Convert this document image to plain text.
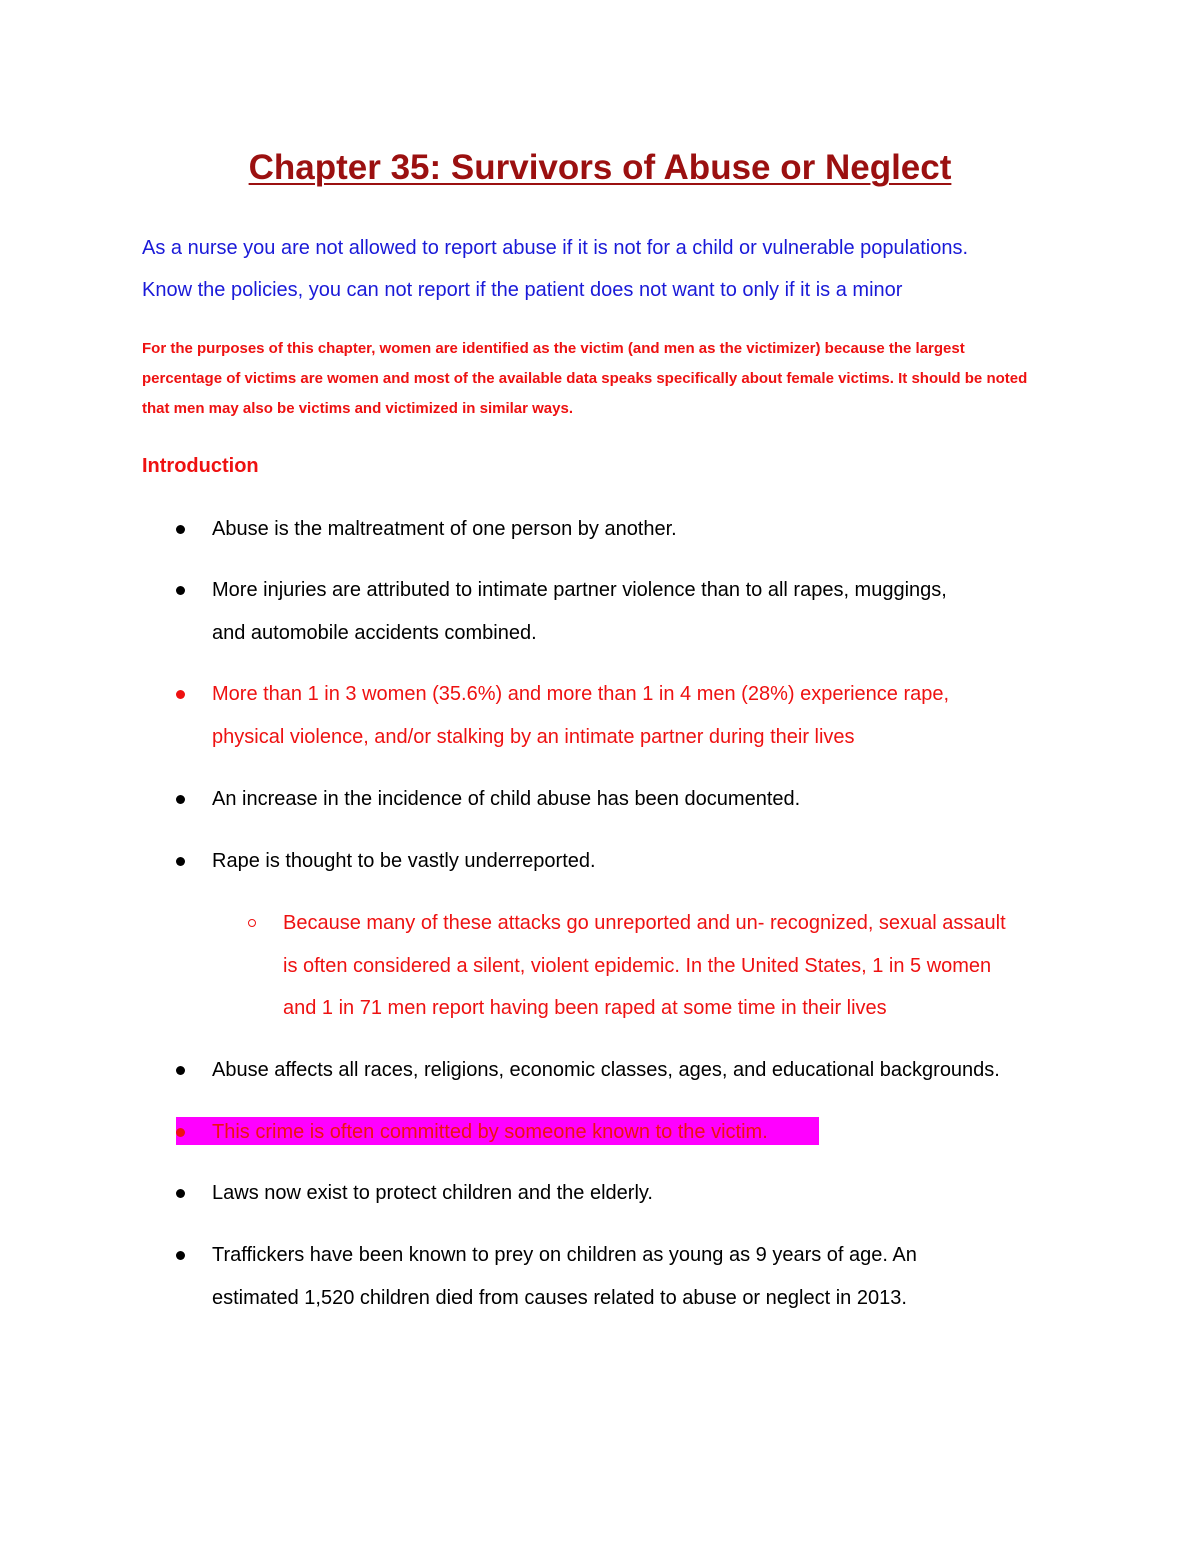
Chapter 35: Survivors of Abuse or Neglect
As a nurse you are not allowed to report abuse if it is not for a child or vulnerable populations.
Know the policies, you can not report if the patient does not want to only if it is a minor
For the purposes of this chapter, women are identified as the victim (and men as the victimizer) because the largest
percentage of victims are women and most of the available data speaks specifically about female victims. It should be noted
that men may also be victims and victimized in similar ways.
Introduction
Abuse is the maltreatment of one person by another.
More injuries are attributed to intimate partner violence than to all rapes, muggings,
and automobile accidents combined.
More than 1 in 3 women (35.6%) and more than 1 in 4 men (28%) experience rape,
physical violence, and/or stalking by an intimate partner during their lives
An increase in the incidence of child abuse has been documented.
Rape is thought to be vastly underreported.
Because many of these attacks go unreported and un- recognized, sexual assault
is often considered a silent, violent epidemic. In the United States, 1 in 5 women
and 1 in 71 men report having been raped at some time in their lives
Abuse affects all races, religions, economic classes, ages, and educational backgrounds.
This crime is often committed by someone known to the victim.
Laws now exist to protect children and the elderly.
Traffickers have been known to prey on children as young as 9 years of age. An
estimated 1,520 children died from causes related to abuse or neglect in 2013.
